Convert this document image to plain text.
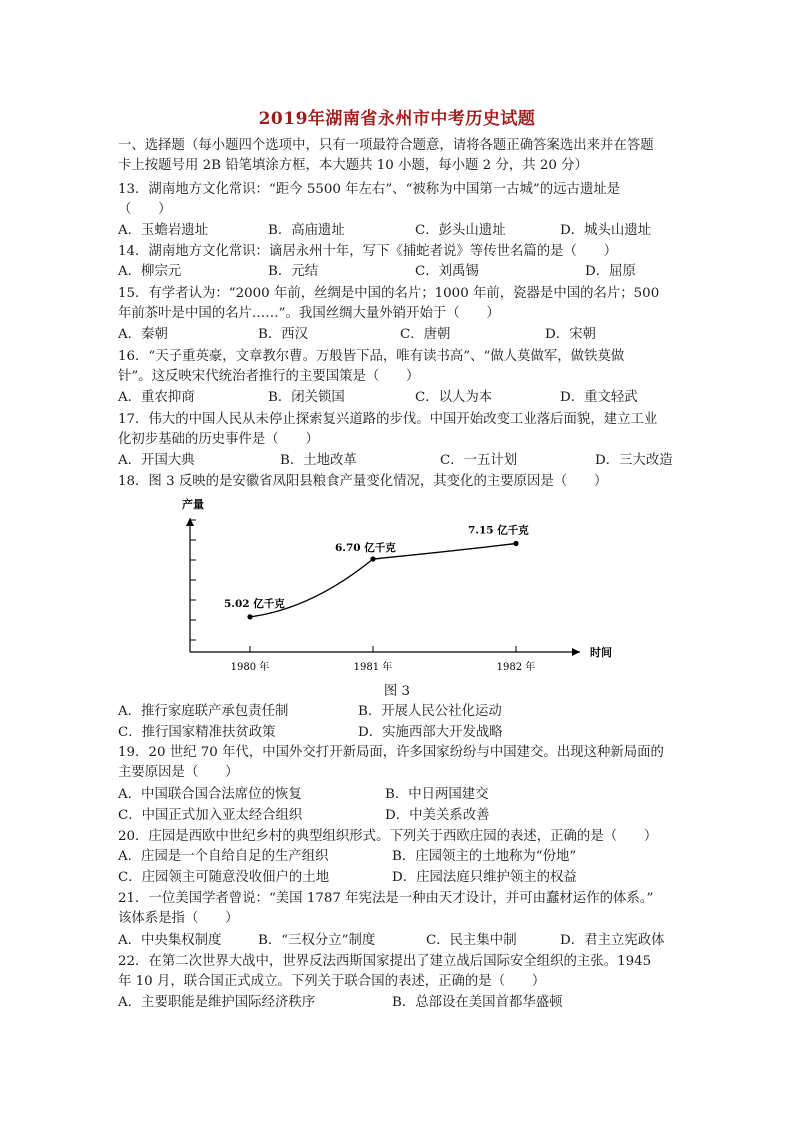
2019年湖南省永州市中考历史试题
一、选择题（每小题四个选项中，只有一项最符合题意，请将各题正确答案选出来并在答题
卡上按题号用 2B 铅笔填涂方框，本大题共 10 小题，每小题 2 分，共 20 分）
13．湖南地方文化常识：“距今 5500 年左右”、“被称为中国第一古城”的远古遗址是
（　　）
A．玉蟾岩遗址	B．高庙遗址	C．彭头山遗址	D．城头山遗址
14．湖南地方文化常识：谪居永州十年，写下《捕蛇者说》等传世名篇的是（　　）
A．柳宗元	B．元结	C．刘禹锡	D．屈原
15．有学者认为：“2000 年前，丝绸是中国的名片；1000 年前，瓷器是中国的名片；500
年前茶叶是中国的名片……”。我国丝绸大量外销开始于（　　）
A．秦朝	B．西汉	C．唐朝	D．宋朝
16．“天子重英豪，文章教尔曹。万般皆下品，唯有读书高”、“做人莫做军，做铁莫做
针”。这反映宋代统治者推行的主要国策是（　　）
A．重农抑商	B．闭关锁国	C．以人为本	D．重文轻武
17．伟大的中国人民从未停止探索复兴道路的步伐。中国开始改变工业落后面貌，建立工业
化初步基础的历史事件是（　　）
A．开国大典	B．土地改革	C．一五计划	D．三大改造
18．图 3 反映的是安徽省凤阳县粮食产量变化情况，其变化的主要原因是（　　）
产量
时间
1980 年	1981 年	1982 年
5.02 亿千克
6.70 亿千克
7.15 亿千克
图 3
A．推行家庭联产承包责任制	B．开展人民公社化运动
C．推行国家精准扶贫政策	D．实施西部大开发战略
19．20 世纪 70 年代，中国外交打开新局面，许多国家纷纷与中国建交。出现这种新局面的
主要原因是（　　）
A．中国联合国合法席位的恢复	B．中日两国建交
C．中国正式加入亚太经合组织	D．中美关系改善
20．庄园是西欧中世纪乡村的典型组织形式。下列关于西欧庄园的表述，正确的是（　　）
A．庄园是一个自给自足的生产组织	B．庄园领主的土地称为“份地”
C．庄园领主可随意没收佃户的土地	D．庄园法庭只维护领主的权益
21．一位美国学者曾说：“美国 1787 年宪法是一种由天才设计，并可由蠢材运作的体系。”
该体系是指（　　）
A．中央集权制度	B．“三权分立”制度	C．民主集中制	D．君主立宪政体
22．在第二次世界大战中，世界反法西斯国家提出了建立战后国际安全组织的主张。1945
年 10 月，联合国正式成立。下列关于联合国的表述，正确的是（　　）
A．主要职能是维护国际经济秩序	B．总部设在美国首都华盛顿
